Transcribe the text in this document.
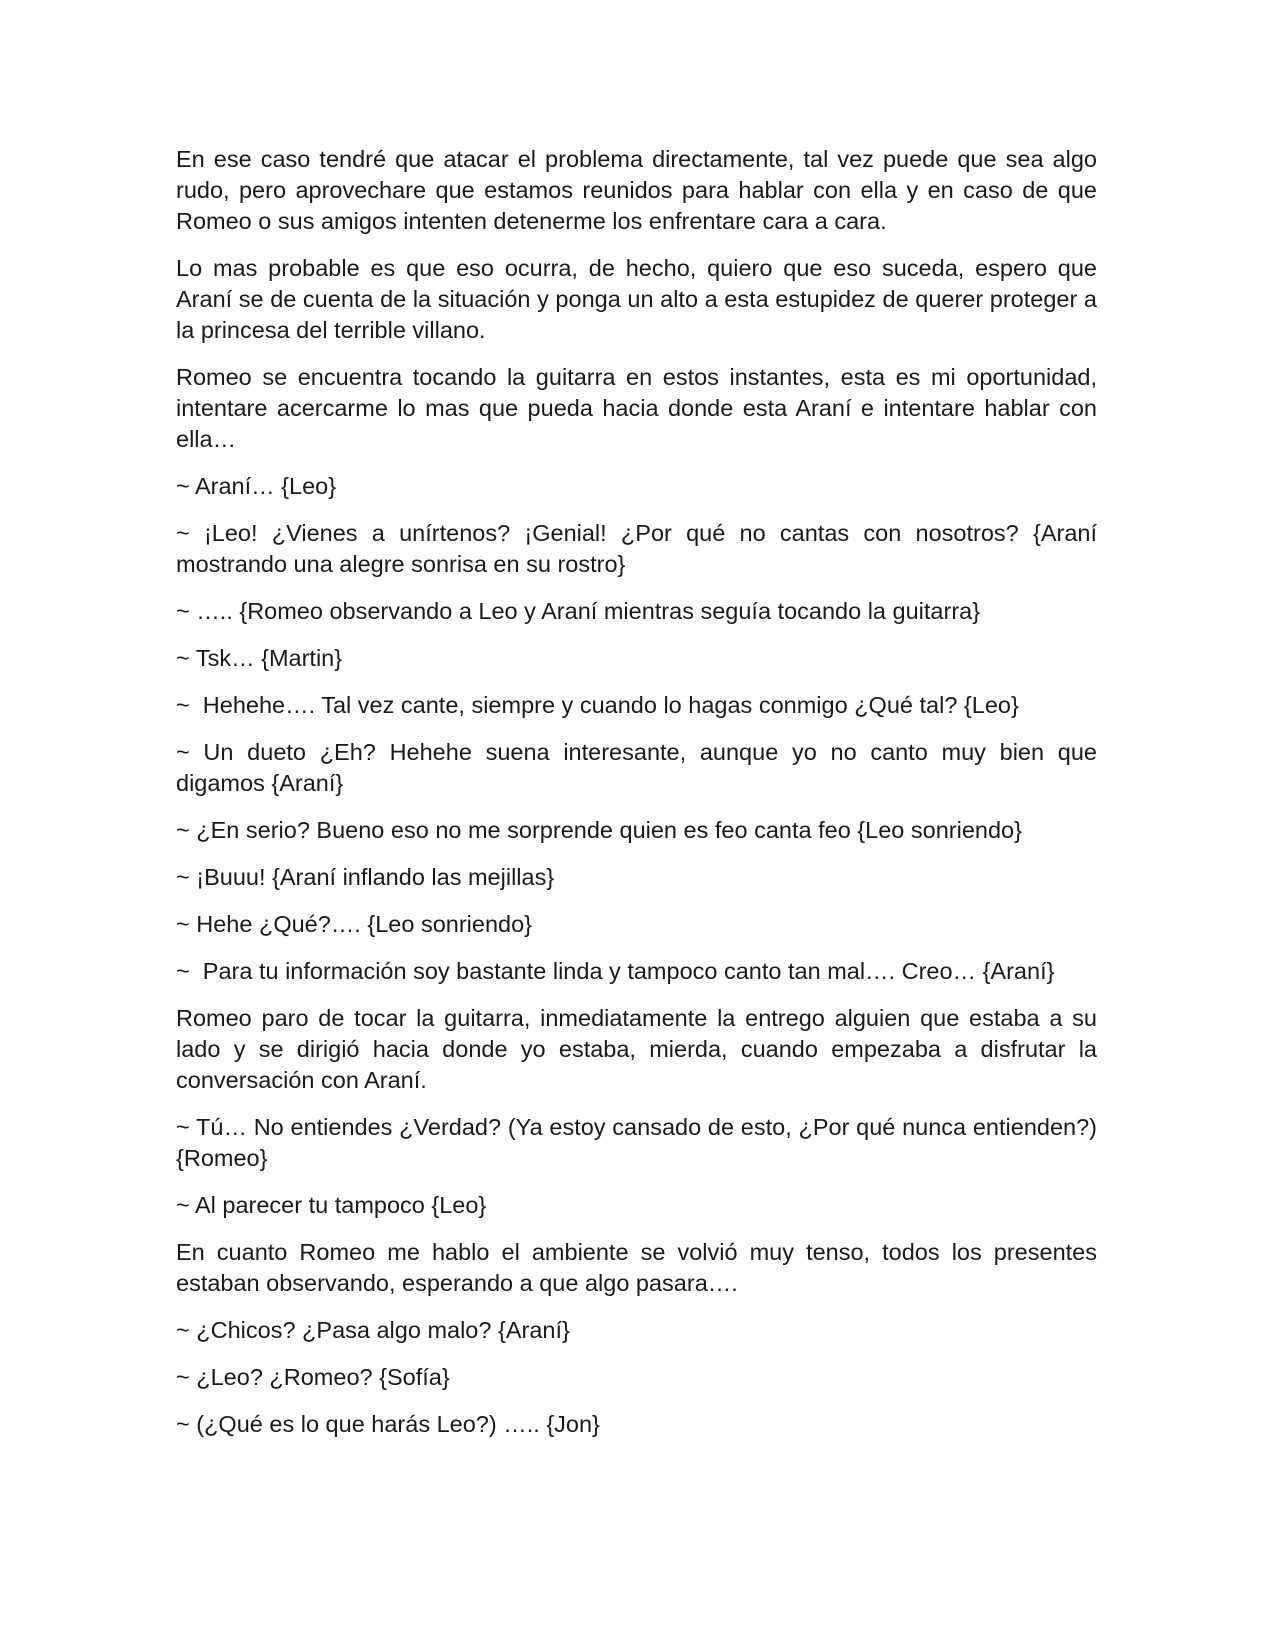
En ese caso tendré que atacar el problema directamente, tal vez puede que sea algo rudo, pero aprovechare que estamos reunidos para hablar con ella y en caso de que Romeo o sus amigos intenten detenerme los enfrentare cara a cara.

Lo mas probable es que eso ocurra, de hecho, quiero que eso suceda, espero que Araní se de cuenta de la situación y ponga un alto a esta estupidez de querer proteger a la princesa del terrible villano.

Romeo se encuentra tocando la guitarra en estos instantes, esta es mi oportunidad, intentare acercarme lo mas que pueda hacia donde esta Araní e intentare hablar con ella…

~ Araní… {Leo}

~ ¡Leo! ¿Vienes a unírtenos? ¡Genial! ¿Por qué no cantas con nosotros? {Araní mostrando una alegre sonrisa en su rostro}

~ ….. {Romeo observando a Leo y Araní mientras seguía tocando la guitarra}

~ Tsk… {Martin}

~  Hehehe…. Tal vez cante, siempre y cuando lo hagas conmigo ¿Qué tal? {Leo}

~ Un dueto ¿Eh? Hehehe suena interesante, aunque yo no canto muy bien que digamos {Araní}

~ ¿En serio? Bueno eso no me sorprende quien es feo canta feo {Leo sonriendo}

~ ¡Buuu! {Araní inflando las mejillas}

~ Hehe ¿Qué?…. {Leo sonriendo}

~  Para tu información soy bastante linda y tampoco canto tan mal…. Creo… {Araní}

Romeo paro de tocar la guitarra, inmediatamente la entrego alguien que estaba a su lado y se dirigió hacia donde yo estaba, mierda, cuando empezaba a disfrutar la conversación con Araní.

~ Tú… No entiendes ¿Verdad? (Ya estoy cansado de esto, ¿Por qué nunca entienden?) {Romeo}

~ Al parecer tu tampoco {Leo}

En cuanto Romeo me hablo el ambiente se volvió muy tenso, todos los presentes estaban observando, esperando a que algo pasara….

~ ¿Chicos? ¿Pasa algo malo? {Araní}

~ ¿Leo? ¿Romeo? {Sofía}

~ (¿Qué es lo que harás Leo?) ….. {Jon}
